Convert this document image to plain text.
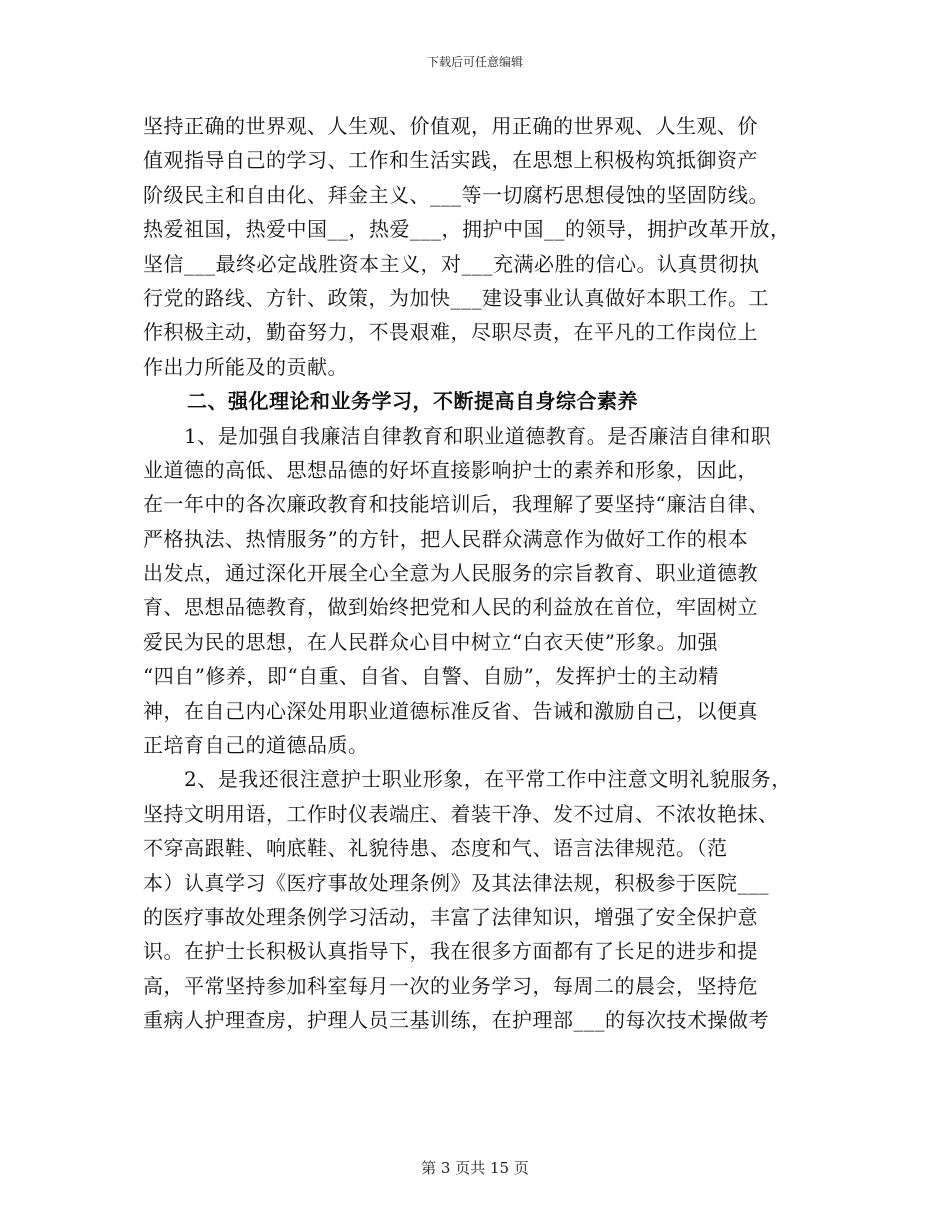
下载后可任意编辑
坚持正确的世界观、人生观、价值观，用正确的世界观、人生观、价
值观指导自己的学习、工作和生活实践，在思想上积极构筑抵御资产
阶级民主和自由化、拜金主义、___等一切腐朽思想侵蚀的坚固防线。
热爱祖国，热爱中国__，热爱___，拥护中国__的领导，拥护改革开放，
坚信___最终必定战胜资本主义，对___充满必胜的信心。认真贯彻执
行党的路线、方针、政策，为加快___建设事业认真做好本职工作。工
作积极主动，勤奋努力，不畏艰难，尽职尽责，在平凡的工作岗位上
作出力所能及的贡献。
二、强化理论和业务学习，不断提高自身综合素养
　　1、是加强自我廉洁自律教育和职业道德教育。是否廉洁自律和职
业道德的高低、思想品德的好坏直接影响护士的素养和形象，因此，
在一年中的各次廉政教育和技能培训后，我理解了要坚持“廉洁自律、
严格执法、热情服务”的方针，把人民群众满意作为做好工作的根本
出发点，通过深化开展全心全意为人民服务的宗旨教育、职业道德教
育、思想品德教育，做到始终把党和人民的利益放在首位，牢固树立
爱民为民的思想，在人民群众心目中树立“白衣天使”形象。加强
“四自”修养，即“自重、自省、自警、自励”，发挥护士的主动精
神，在自己内心深处用职业道德标准反省、告诫和激励自己，以便真
正培育自己的道德品质。
　　2、是我还很注意护士职业形象，在平常工作中注意文明礼貌服务，
坚持文明用语，工作时仪表端庄、着装干净、发不过肩、不浓妆艳抹、
不穿高跟鞋、响底鞋、礼貌待患、态度和气、语言法律规范。（范
本）认真学习《医疗事故处理条例》及其法律法规，积极参于医院___
的医疗事故处理条例学习活动，丰富了法律知识，增强了安全保护意
识。在护士长积极认真指导下，我在很多方面都有了长足的进步和提
高，平常坚持参加科室每月一次的业务学习，每周二的晨会，坚持危
重病人护理查房，护理人员三基训练，在护理部___的每次技术操做考
第 3 页共 15 页
